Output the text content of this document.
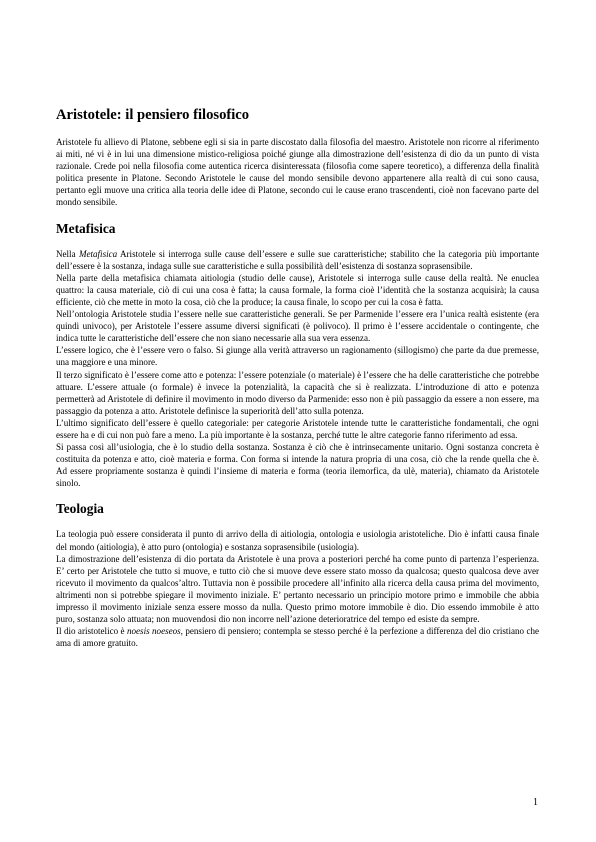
Aristotele: il pensiero filosofico

Aristotele fu allievo di Platone, sebbene egli si sia in parte discostato dalla filosofia del maestro. Aristotele non ricorre al riferimento ai miti, né vi è in lui una dimensione mistico-religiosa poiché giunge alla dimostrazione dell’esistenza di dio da un punto di vista razionale. Crede poi nella filosofia come autentica ricerca disinteressata (filosofia come sapere teoretico), a differenza della finalità politica presente in Platone. Secondo Aristotele le cause del mondo sensibile devono appartenere alla realtà di cui sono causa, pertanto egli muove una critica alla teoria delle idee di Platone, secondo cui le cause erano trascendenti, cioè non facevano parte del mondo sensibile.

Metafisica

Nella Metafisica Aristotele si interroga sulle cause dell’essere e sulle sue caratteristiche; stabilito che la categoria più importante dell’essere è la sostanza, indaga sulle sue caratteristiche e sulla possibilità dell’esistenza di sostanza soprasensibile.

Nella parte della metafisica chiamata aitiologia (studio delle cause), Aristotele si interroga sulle cause della realtà. Ne enuclea quattro: la causa materiale, ciò di cui una cosa è fatta; la causa formale, la forma cioè l’identità che la sostanza acquisirà; la causa efficiente, ciò che mette in moto la cosa, ciò che la produce; la causa finale, lo scopo per cui la cosa è fatta.

Nell’ontologia Aristotele studia l’essere nelle sue caratteristiche generali. Se per Parmenide l’essere era l’unica realtà esistente (era quindi univoco), per Aristotele l’essere assume diversi significati (è polivoco). Il primo è l’essere accidentale o contingente, che indica tutte le caratteristiche dell’essere che non siano necessarie alla sua vera essenza.

L’essere logico, che è l’essere vero o falso. Si giunge alla verità attraverso un ragionamento (sillogismo) che parte da due premesse, una maggiore e una minore.

Il terzo significato è l’essere come atto e potenza: l’essere potenziale (o materiale) è l’essere che ha delle caratteristiche che potrebbe attuare. L’essere attuale (o formale) è invece la potenzialità, la capacità che si è realizzata. L’introduzione di atto e potenza permetterà ad Aristotele di definire il movimento in modo diverso da Parmenide: esso non è più passaggio da essere a non essere, ma passaggio da potenza a atto. Aristotele definisce la superiorità dell’atto sulla potenza.

L’ultimo significato dell’essere è quello categoriale: per categorie Aristotele intende tutte le caratteristiche fondamentali, che ogni essere ha e di cui non può fare a meno. La più importante è la sostanza, perché tutte le altre categorie fanno riferimento ad essa.

Si passa così all’usiologia, che è lo studio della sostanza. Sostanza è ciò che è intrinsecamente unitario. Ogni sostanza concreta è costituita da potenza e atto, cioè materia e forma. Con forma si intende la natura propria di una cosa, ciò che la rende quella che è. Ad essere propriamente sostanza è quindi l’insieme di materia e forma (teoria ilemorfica, da ulè, materia), chiamato da Aristotele sinolo.

Teologia

La teologia può essere considerata il punto di arrivo della di aitiologia, ontologia e usiologia aristoteliche. Dio è infatti causa finale del mondo (aitiologia), è atto puro (ontologia) e sostanza soprasensibile (usiologia).

La dimostrazione dell’esistenza di dio portata da Aristotele è una prova a posteriori perché ha come punto di partenza l’esperienza. E’ certo per Aristotele che tutto si muove, e tutto ciò che si muove deve essere stato mosso da qualcosa; questo qualcosa deve aver ricevuto il movimento da qualcos’altro. Tuttavia non è possibile procedere all’infinito alla ricerca della causa prima del movimento, altrimenti non si potrebbe spiegare il movimento iniziale. E’ pertanto necessario un principio motore primo e immobile che abbia impresso il movimento iniziale senza essere mosso da nulla. Questo primo motore immobile è dio. Dio essendo immobile è atto puro, sostanza solo attuata; non muovendosi dio non incorre nell’azione deterioratrice del tempo ed esiste da sempre.

Il dio aristotelico è noesis noeseos, pensiero di pensiero; contempla se stesso perché è la perfezione a differenza del dio cristiano che ama di amore gratuito.

1
